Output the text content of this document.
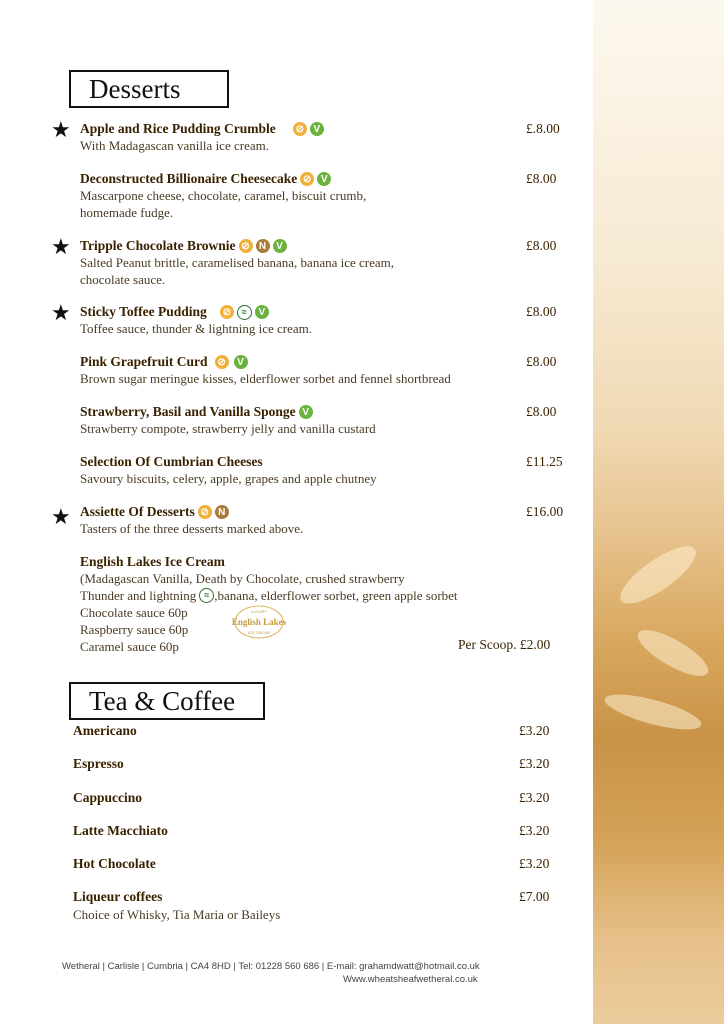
Desserts
★
★
★
★
Apple and Rice Pudding Crumble ⊘ V
With Madagascan vanilla ice cream.
£.8.00
Deconstructed Billionaire Cheesecake ⊘ V
Mascarpone cheese, chocolate, caramel, biscuit crumb,
homemade fudge.
£8.00
Tripple Chocolate Brownie ⊘ N	V
Salted Peanut brittle, caramelised banana, banana ice cream,
chocolate sauce.
£8.00
Sticky Toffee Pudding ⊘	≈	V
Toffee sauce, thunder & lightning ice cream.
£8.00
Pink Grapefruit Curd ⊘	V
Brown sugar meringue kisses, elderflower sorbet and fennel shortbread
£8.00
Strawberry, Basil and Vanilla Sponge V
Strawberry compote, strawberry jelly and vanilla custard
£8.00
Selection Of Cumbrian Cheeses
Savoury biscuits, celery, apple, grapes and apple chutney
£11.25
Assiette Of Desserts ⊘ N
Tasters of the three desserts marked above.
£16.00
English Lakes Ice Cream
(Madagascan Vanilla, Death by Chocolate, crushed strawberry
Thunder and lightning ≈ ,banana, elderflower sorbet, green apple sorbet
Chocolate sauce 60p
Raspberry sauce 60p
Caramel sauce 60p	Per Scoop. £2.00
LUXURY
English Lakes
ICE CREAM
Tea & Coffee
Americano	£3.20
Espresso	£3.20
Cappuccino	£3.20
Latte Macchiato	£3.20
Hot Chocolate	£3.20
Liqueur coffees	£7.00
Choice of Whisky, Tia Maria or Baileys
Wetheral | Carlisle | Cumbria | CA4 8HD | Tel: 01228 560 686 | E-mail: grahamdwatt@hotmail.co.uk
Www.wheatsheafwetheral.co.uk
